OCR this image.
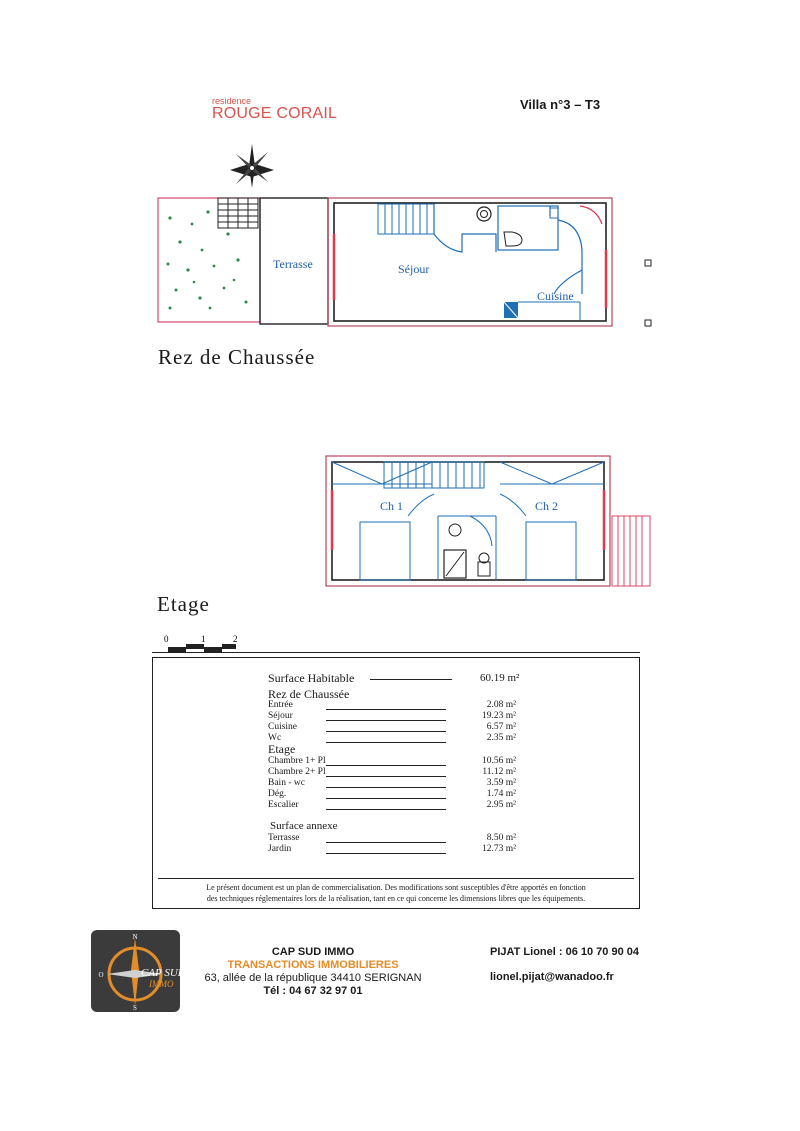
residence
ROUGE CORAIL
Villa n°3 – T3
Terrasse	Séjour
Cuisine
Rez de Chaussée
Ch 1	Ch 2
Etage
0	1	2
Surface Habitable	60.19 m²
Rez de Chaussée
Entrée	2.08 m²
Séjour	19.23 m²
Cuisine	6.57 m²
Wc	2.35 m²
Etage
Chambre 1+ Pl	10.56 m²
Chambre 2+ Pl	11.12 m²
Bain - wc	3.59 m²
Dég.	1.74 m²
Escalier	2.95 m²
Surface annexe
Terrasse	8.50 m²
Jardin	12.73 m²
Le présent document est un plan de commercialisation. Des modifications sont susceptibles d'être apportés en fonction
des techniques réglementaires lors de la réalisation, tant en ce qui concerne les dimensions libres que les équipements.
N
O
S
CAP SUD
IMMO
CAP SUD IMMO
TRANSACTIONS IMMOBILIERES
63, allée de la république 34410 SERIGNAN
Tél : 04 67 32 97 01
PIJAT Lionel : 06 10 70 90 04
lionel.pijat@wanadoo.fr
